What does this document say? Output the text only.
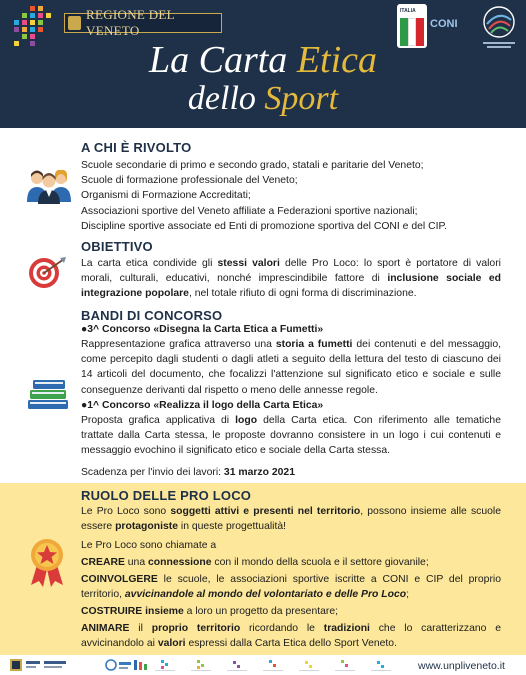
REGIONE DEL VENETO
ITALIA
CONI
La Carta Etica
dello Sport
A CHI È RIVOLTO
Scuole secondarie di primo e secondo grado, statali e paritarie del Veneto;
Scuole di formazione professionale del Veneto;
Organismi di Formazione Accreditati;
Associazioni sportive del Veneto affiliate a Federazioni sportive nazionali;
Discipline sportive associate ed Enti di promozione sportiva del CONI e del CIP.
OBIETTIVO
La carta etica condivide gli stessi valori delle Pro Loco: lo sport è portatore di valori morali, culturali, educativi, nonché imprescindibile fattore di inclusione sociale ed integrazione popolare, nel totale rifiuto di ogni forma di discriminazione.
BANDI DI CONCORSO
●3^ Concorso «Disegna la Carta Etica a Fumetti»
Rappresentazione grafica attraverso una storia a fumetti dei contenuti e del messaggio, come percepito dagli studenti o dagli atleti a seguito della lettura del testo di ciascuno dei 14 articoli del documento, che focalizzi l'attenzione sul significato etico e sociale e sulle conseguenze derivanti dal rispetto o meno delle annesse regole.
●1^ Concorso «Realizza il logo della Carta Etica»
Proposta grafica applicativa di logo della Carta etica. Con riferimento alle tematiche trattate dalla Carta stessa, le proposte dovranno consistere in un logo i cui contenuti e messaggio evochino il significato etico e sociale della Carta stessa.
Scadenza per l'invio dei lavori: 31 marzo 2021
RUOLO DELLE PRO LOCO
Le Pro Loco sono soggetti attivi e presenti nel territorio, possono insieme alle scuole essere protagoniste in queste progettualità!
Le Pro Loco sono chiamate a
CREARE una connessione con il mondo della scuola e il settore giovanile;
COINVOLGERE le scuole, le associazioni sportive iscritte a CONI e CIP del proprio territorio, avvicinandole al mondo del volontariato e delle Pro Loco;
COSTRUIRE insieme a loro un progetto da presentare;
ANIMARE il proprio territorio ricordando le tradizioni che lo caratterizzano e avvicinandolo ai valori espressi dalla Carta Etica dello Sport Veneto.
www.unpliveneto.it
